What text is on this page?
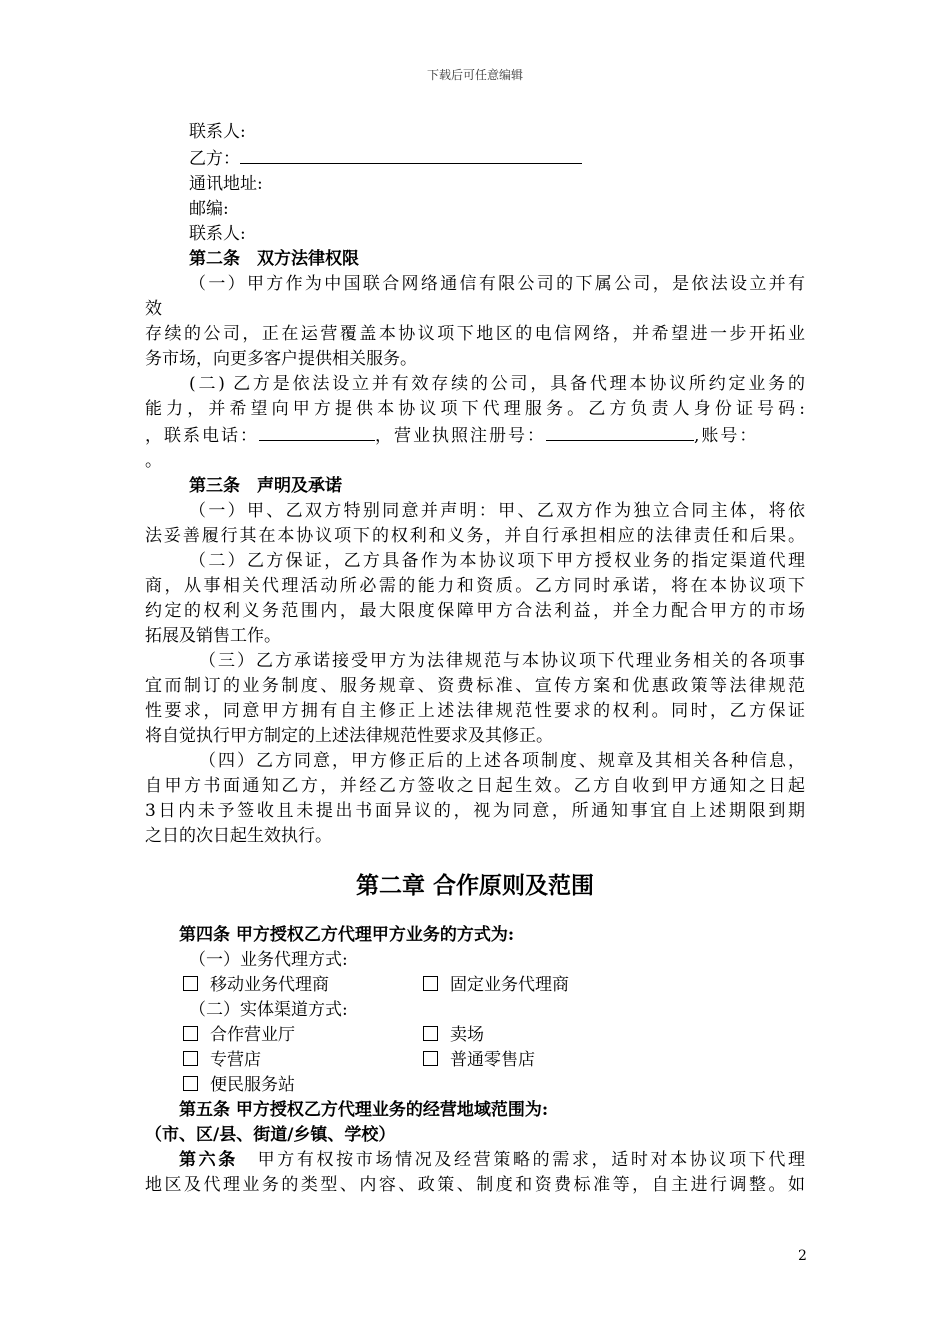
下载后可任意编辑
联系人:
乙方：
通讯地址:
邮编:
联系人:
第二条　双方法律权限
（一）甲方作为中国联合网络通信有限公司的下属公司，是依法设立并有
效
存续的公司，正在运营覆盖本协议项下地区的电信网络，并希望进一步开拓业
务市场，向更多客户提供相关服务。
(二) 乙方是依法设立并有效存续的公司，具备代理本协议所约定业务的
能力，并希望向甲方提供本协议项下代理服务。乙方负责人身份证号码:
，联系电话：	，营业执照注册号：	,账号：
。
第三条　声明及承诺
（一）甲、乙双方特别同意并声明：甲、乙双方作为独立合同主体，将依
法妥善履行其在本协议项下的权利和义务，并自行承担相应的法律责任和后果。
（二）乙方保证，乙方具备作为本协议项下甲方授权业务的指定渠道代理
商，从事相关代理活动所必需的能力和资质。乙方同时承诺，将在本协议项下
约定的权利义务范围内，最大限度保障甲方合法利益，并全力配合甲方的市场
拓展及销售工作。
（三）乙方承诺接受甲方为法律规范与本协议项下代理业务相关的各项事
宜而制订的业务制度、服务规章、资费标准、宣传方案和优惠政策等法律规范
性要求，同意甲方拥有自主修正上述法律规范性要求的权利。同时，乙方保证
将自觉执行甲方制定的上述法律规范性要求及其修正。
（四）乙方同意，甲方修正后的上述各项制度、规章及其相关各种信息，
自甲方书面通知乙方，并经乙方签收之日起生效。乙方自收到甲方通知之日起
3日内未予签收且未提出书面异议的，视为同意，所通知事宜自上述期限到期
之日的次日起生效执行。
第二章 合作原则及范围
第四条 甲方授权乙方代理甲方业务的方式为:
（一）业务代理方式:
移动业务代理商	固定业务代理商
（二）实体渠道方式:
合作营业厅	卖场
专营店	普通零售店
便民服务站
第五条 甲方授权乙方代理业务的经营地域范围为:
（市、区/县、街道/乡镇、学校）
第六条　甲方有权按市场情况及经营策略的需求，适时对本协议项下代理
地区及代理业务的类型、内容、政策、制度和资费标准等，自主进行调整。如
2
